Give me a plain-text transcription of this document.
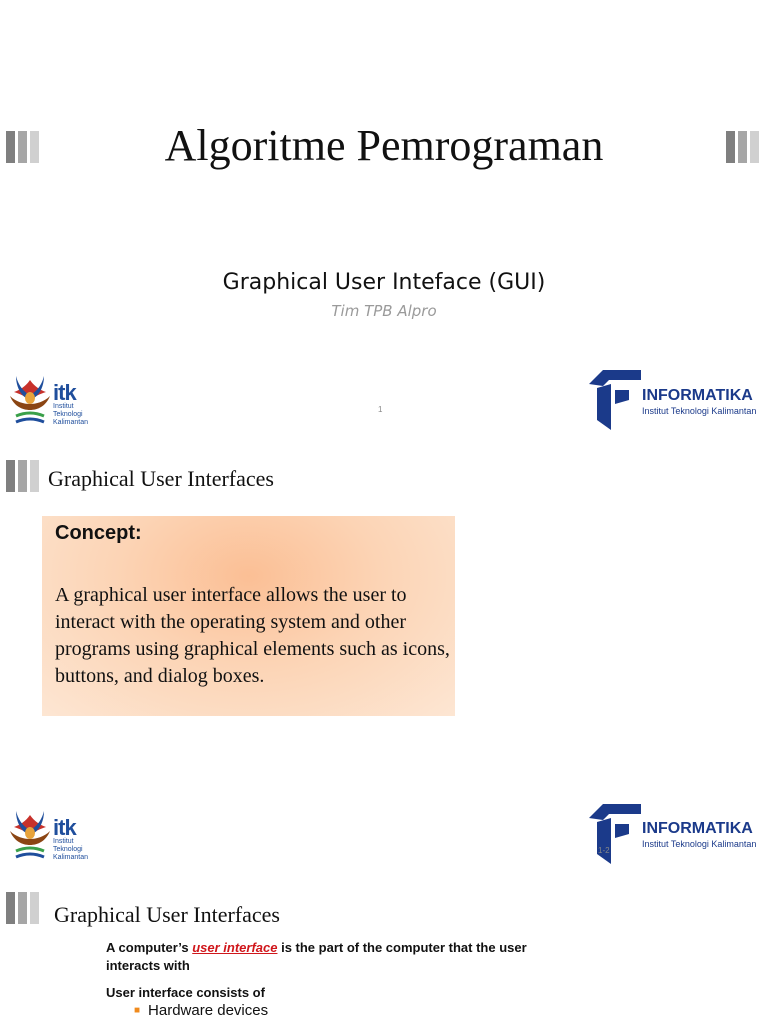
Algoritme Pemrograman
Graphical User Inteface (GUI)
Tim TPB Alpro
itk
Institut
Teknologi
Kalimantan
1
INFORMATIKA
Institut Teknologi Kalimantan
Graphical User Interfaces
Concept:
A graphical user interface allows the user to interact with the operating system and other programs using graphical elements such as icons, buttons, and dialog boxes.
itk
Institut
Teknologi
Kalimantan
INFORMATIKA
Institut Teknologi Kalimantan
1-2
Graphical User Interfaces
A computer’s user interface is the part of the computer that the user interacts with
User interface consists of
■ Hardware devices
